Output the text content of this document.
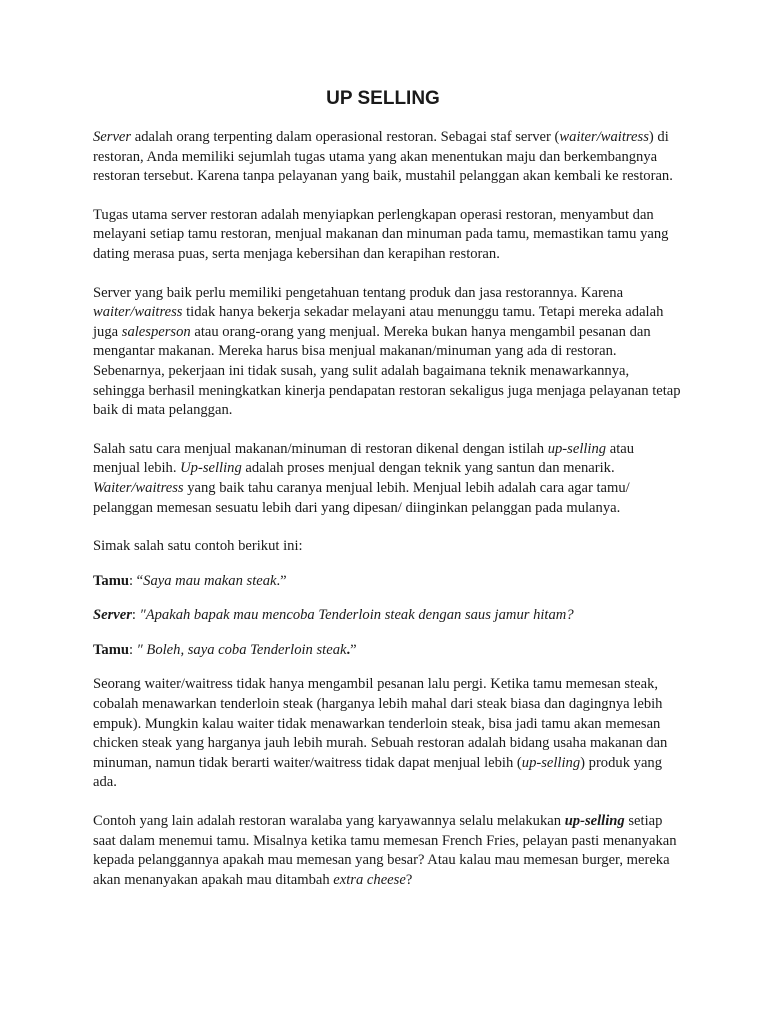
UP SELLING

Server adalah orang terpenting dalam operasional restoran. Sebagai staf server (waiter/waitress) di restoran, Anda memiliki sejumlah tugas utama yang akan menentukan maju dan berkembangnya restoran tersebut. Karena tanpa pelayanan yang baik, mustahil pelanggan akan kembali ke restoran.

Tugas utama server restoran adalah menyiapkan perlengkapan operasi restoran, menyambut dan melayani setiap tamu restoran, menjual makanan dan minuman pada tamu, memastikan tamu yang dating merasa puas, serta menjaga kebersihan dan kerapihan restoran.

Server yang baik perlu memiliki pengetahuan tentang produk dan jasa restorannya. Karena waiter/waitress tidak hanya bekerja sekadar melayani atau menunggu tamu. Tetapi mereka adalah juga salesperson atau orang-orang yang menjual. Mereka bukan hanya mengambil pesanan dan mengantar makanan. Mereka harus bisa menjual makanan/minuman yang ada di restoran. Sebenarnya, pekerjaan ini tidak susah, yang sulit adalah bagaimana teknik menawarkannya, sehingga berhasil meningkatkan kinerja pendapatan restoran sekaligus juga menjaga pelayanan tetap baik di mata pelanggan.

Salah satu cara menjual makanan/minuman di restoran dikenal dengan istilah up-selling atau menjual lebih. Up-selling adalah proses menjual dengan teknik yang santun dan menarik. Waiter/waitress yang baik tahu caranya menjual lebih. Menjual lebih adalah cara agar tamu/ pelanggan memesan sesuatu lebih dari yang dipesan/ diinginkan pelanggan pada mulanya.

Simak salah satu contoh berikut ini:

Tamu: “Saya mau makan steak.”

Server: ″Apakah bapak mau mencoba Tenderloin steak dengan saus jamur hitam?

Tamu: ″ Boleh, saya coba Tenderloin steak.”

Seorang waiter/waitress tidak hanya mengambil pesanan lalu pergi. Ketika tamu memesan steak, cobalah menawarkan tenderloin steak (harganya lebih mahal dari steak biasa dan dagingnya lebih empuk). Mungkin kalau waiter tidak menawarkan tenderloin steak, bisa jadi tamu akan memesan chicken steak yang harganya jauh lebih murah. Sebuah restoran adalah bidang usaha makanan dan minuman, namun tidak berarti waiter/waitress tidak dapat menjual lebih (up-selling) produk yang ada.

Contoh yang lain adalah restoran waralaba yang karyawannya selalu melakukan up-selling setiap saat dalam menemui tamu. Misalnya ketika tamu memesan French Fries, pelayan pasti menanyakan kepada pelanggannya apakah mau memesan yang besar? Atau kalau mau memesan burger, mereka akan menanyakan apakah mau ditambah extra cheese?
